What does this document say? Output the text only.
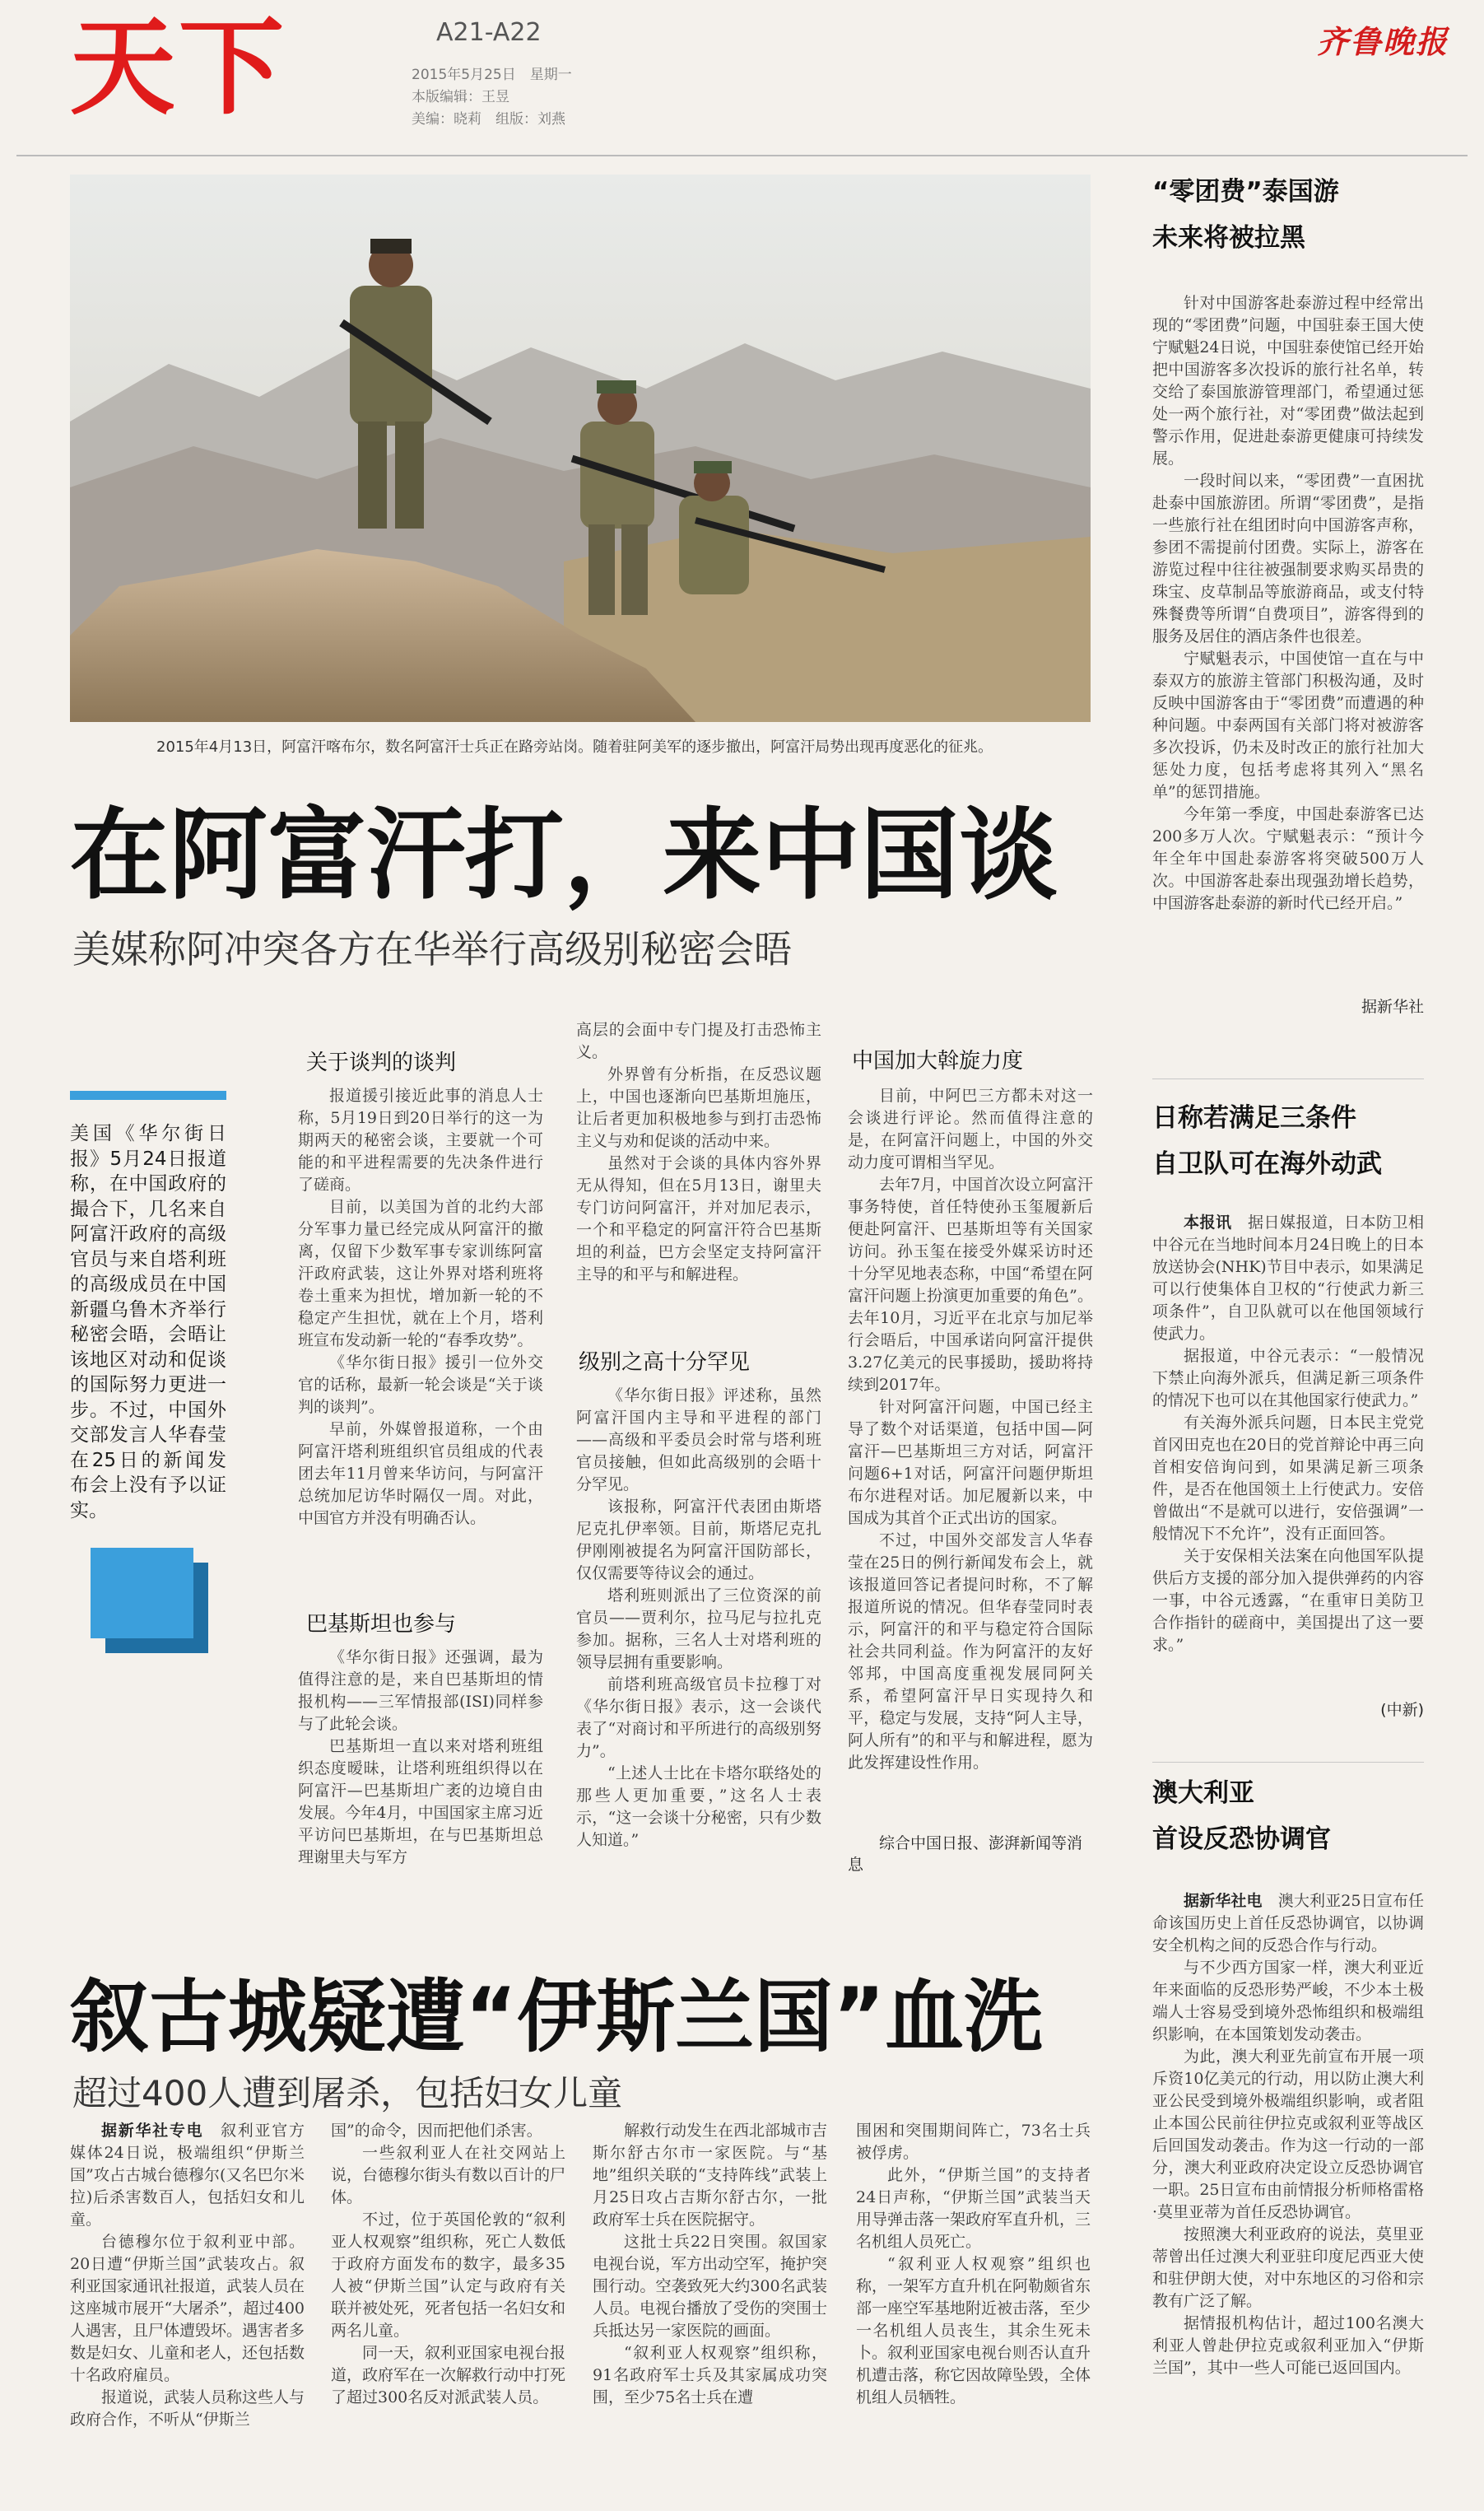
天下	A21-A22
2015年5月25日　星期一
本版编辑：王昱
美编：晓莉　组版：刘燕
齐鲁晚报
2015年4月13日，阿富汗喀布尔，数名阿富汗士兵正在路旁站岗。随着驻阿美军的逐步撤出，阿富汗局势出现再度恶化的征兆。
在阿富汗打，来中国谈
美媒称阿冲突各方在华举行高级别秘密会晤
美国《华尔街日报》5月24日报道称，在中国政府的撮合下，几名来自阿富汗政府的高级官员与来自塔利班的高级成员在中国新疆乌鲁木齐举行秘密会晤，会晤让该地区对动和促谈的国际努力更进一步。不过，中国外交部发言人华春莹在25日的新闻发布会上没有予以证实。
关于谈判的谈判

报道援引接近此事的消息人士称，5月19日到20日举行的这一为期两天的秘密会谈，主要就一个可能的和平进程需要的先决条件进行了磋商。

目前，以美国为首的北约大部分军事力量已经完成从阿富汗的撤离，仅留下少数军事专家训练阿富汗政府武装，这让外界对塔利班将卷土重来为担忧，增加新一轮的不稳定产生担忧，就在上个月，塔利班宣布发动新一轮的“春季攻势”。

《华尔街日报》援引一位外交官的话称，最新一轮会谈是“关于谈判的谈判”。

早前，外媒曾报道称，一个由阿富汗塔利班组织官员组成的代表团去年11月曾来华访问，与阿富汗总统加尼访华时隔仅一周。对此，中国官方并没有明确否认。

巴基斯坦也参与

《华尔街日报》还强调，最为值得注意的是，来自巴基斯坦的情报机构——三军情报部(ISI)同样参与了此轮会谈。

巴基斯坦一直以来对塔利班组织态度暧昧，让塔利班组织得以在阿富汗—巴基斯坦广袤的边境自由发展。今年4月，中国国家主席习近平访问巴基斯坦，在与巴基斯坦总理谢里夫与军方

高层的会面中专门提及打击恐怖主义。

外界曾有分析指，在反恐议题上，中国也逐渐向巴基斯坦施压，让后者更加积极地参与到打击恐怖主义与劝和促谈的活动中来。

虽然对于会谈的具体内容外界无从得知，但在5月13日，谢里夫专门访问阿富汗，并对加尼表示，一个和平稳定的阿富汗符合巴基斯坦的利益，巴方会坚定支持阿富汗主导的和平与和解进程。

级别之高十分罕见

《华尔街日报》评述称，虽然阿富汗国内主导和平进程的部门——高级和平委员会时常与塔利班官员接触，但如此高级别的会晤十分罕见。

该报称，阿富汗代表团由斯塔尼克扎伊率领。目前，斯塔尼克扎伊刚刚被提名为阿富汗国防部长，仅仅需要等待议会的通过。

塔利班则派出了三位资深的前官员——贾利尔，拉马尼与拉扎克参加。据称，三名人士对塔利班的领导层拥有重要影响。

前塔利班高级官员卡拉穆丁对《华尔街日报》表示，这一会谈代表了“对商讨和平所进行的高级别努力”。

“上述人士比在卡塔尔联络处的那些人更加重要，”这名人士表示，“这一会谈十分秘密，只有少数人知道。”

中国加大斡旋力度

目前，中阿巴三方都未对这一会谈进行评论。然而值得注意的是，在阿富汗问题上，中国的外交动力度可谓相当罕见。

去年7月，中国首次设立阿富汗事务特使，首任特使孙玉玺履新后便赴阿富汗、巴基斯坦等有关国家访问。孙玉玺在接受外媒采访时还十分罕见地表态称，中国“希望在阿富汗问题上扮演更加重要的角色”。去年10月，习近平在北京与加尼举行会晤后，中国承诺向阿富汗提供3.27亿美元的民事援助，援助将持续到2017年。

针对阿富汗问题，中国已经主导了数个对话渠道，包括中国—阿富汗—巴基斯坦三方对话，阿富汗问题6+1对话，阿富汗问题伊斯坦布尔进程对话。加尼履新以来，中国成为其首个正式出访的国家。

不过，中国外交部发言人华春莹在25日的例行新闻发布会上，就该报道回答记者提问时称，不了解报道所说的情况。但华春莹同时表示，阿富汗的和平与稳定符合国际社会共同利益。作为阿富汗的友好邻邦，中国高度重视发展同阿关系，希望阿富汗早日实现持久和平，稳定与发展，支持“阿人主导，阿人所有”的和平与和解进程，愿为此发挥建设性作用。

综合中国日报、澎湃新闻等消息
叙古城疑遭“伊斯兰国”血洗
超过400人遭到屠杀，包括妇女儿童

据新华社专电　 叙利亚官方媒体24日说，极端组织“伊斯兰国”攻占古城台德穆尔(又名巴尔米拉)后杀害数百人，包括妇女和儿童。

台德穆尔位于叙利亚中部。20日遭“伊斯兰国”武装攻占。叙利亚国家通讯社报道，武装人员在这座城市展开“大屠杀”，超过400人遇害，且尸体遭毁坏。遇害者多数是妇女、儿童和老人，还包括数十名政府雇员。

报道说，武装人员称这些人与政府合作，不听从“伊斯兰

国”的命令，因而把他们杀害。

一些叙利亚人在社交网站上说，台德穆尔街头有数以百计的尸体。

不过，位于英国伦敦的“叙利亚人权观察”组织称，死亡人数低于政府方面发布的数字，最多35人被“伊斯兰国”认定与政府有关联并被处死，死者包括一名妇女和两名儿童。

同一天，叙利亚国家电视台报道，政府军在一次解救行动中打死了超过300名反对派武装人员。

解救行动发生在西北部城市吉斯尔舒古尔市一家医院。与“基地”组织关联的“支持阵线”武装上月25日攻占吉斯尔舒古尔，一批政府军士兵在医院据守。

这批士兵22日突围。叙国家电视台说，军方出动空军，掩护突围行动。空袭致死大约300名武装人员。电视台播放了受伤的突围士兵抵达另一家医院的画面。

“叙利亚人权观察”组织称，91名政府军士兵及其家属成功突围，至少75名士兵在遭

围困和突围期间阵亡，73名士兵被俘虏。

此外，“伊斯兰国”的支持者24日声称，“伊斯兰国”武装当天用导弹击落一架政府军直升机，三名机组人员死亡。

“叙利亚人权观察”组织也称，一架军方直升机在阿勒颇省东部一座空军基地附近被击落，至少一名机组人员丧生，其余生死未卜。叙利亚国家电视台则否认直升机遭击落，称它因故障坠毁，全体机组人员牺牲。

“零团费”泰国游
未来将被拉黑

针对中国游客赴泰游过程中经常出现的“零团费”问题，中国驻泰王国大使宁赋魁24日说，中国驻泰使馆已经开始把中国游客多次投诉的旅行社名单，转交给了泰国旅游管理部门，希望通过惩处一两个旅行社，对“零团费”做法起到警示作用，促进赴泰游更健康可持续发展。

一段时间以来，“零团费”一直困扰赴泰中国旅游团。所谓“零团费”，是指一些旅行社在组团时向中国游客声称，参团不需提前付团费。实际上，游客在游览过程中往往被强制要求购买昂贵的珠宝、皮草制品等旅游商品，或支付特殊餐费等所谓“自费项目”，游客得到的服务及居住的酒店条件也很差。

宁赋魁表示，中国使馆一直在与中泰双方的旅游主管部门积极沟通，及时反映中国游客由于“零团费”而遭遇的种种问题。中泰两国有关部门将对被游客多次投诉，仍未及时改正的旅行社加大惩处力度，包括考虑将其列入“黑名单”的惩罚措施。

今年第一季度，中国赴泰游客已达200多万人次。宁赋魁表示：“预计今年全年中国赴泰游客将突破500万人次。中国游客赴泰出现强劲增长趋势，中国游客赴泰游的新时代已经开启。”

据新华社
日称若满足三条件
自卫队可在海外动武

本报讯　 据日媒报道，日本防卫相中谷元在当地时间本月24日晚上的日本放送协会(NHK)节目中表示，如果满足可以行使集体自卫权的“行使武力新三项条件”，自卫队就可以在他国领域行使武力。

据报道，中谷元表示：“一般情况下禁止向海外派兵，但满足新三项条件的情况下也可以在其他国家行使武力。”

有关海外派兵问题，日本民主党党首冈田克也在20日的党首辩论中再三向首相安倍询问到，如果满足新三项条件，是否在他国领土上行使武力。安倍曾做出“不是就可以进行，安倍强调”一般情况下不允许”，没有正面回答。

关于安保相关法案在向他国军队提供后方支援的部分加入提供弹药的内容一事，中谷元透露，“在重审日美防卫合作指针的磋商中，美国提出了这一要求。”

(中新)
澳大利亚
首设反恐协调官

据新华社电　 澳大利亚25日宣布任命该国历史上首任反恐协调官，以协调安全机构之间的反恐合作与行动。

与不少西方国家一样，澳大利亚近年来面临的反恐形势严峻，不少本土极端人士容易受到境外恐怖组织和极端组织影响，在本国策划发动袭击。

为此，澳大利亚先前宣布开展一项斥资10亿美元的行动，用以防止澳大利亚公民受到境外极端组织影响，或者阻止本国公民前往伊拉克或叙利亚等战区后回国发动袭击。作为这一行动的一部分，澳大利亚政府决定设立反恐协调官一职。25日宣布由前情报分析师格雷格·莫里亚蒂为首任反恐协调官。

按照澳大利亚政府的说法，莫里亚蒂曾出任过澳大利亚驻印度尼西亚大使和驻伊朗大使，对中东地区的习俗和宗教有广泛了解。

据情报机构估计，超过100名澳大利亚人曾赴伊拉克或叙利亚加入“伊斯兰国”，其中一些人可能已返回国内。
